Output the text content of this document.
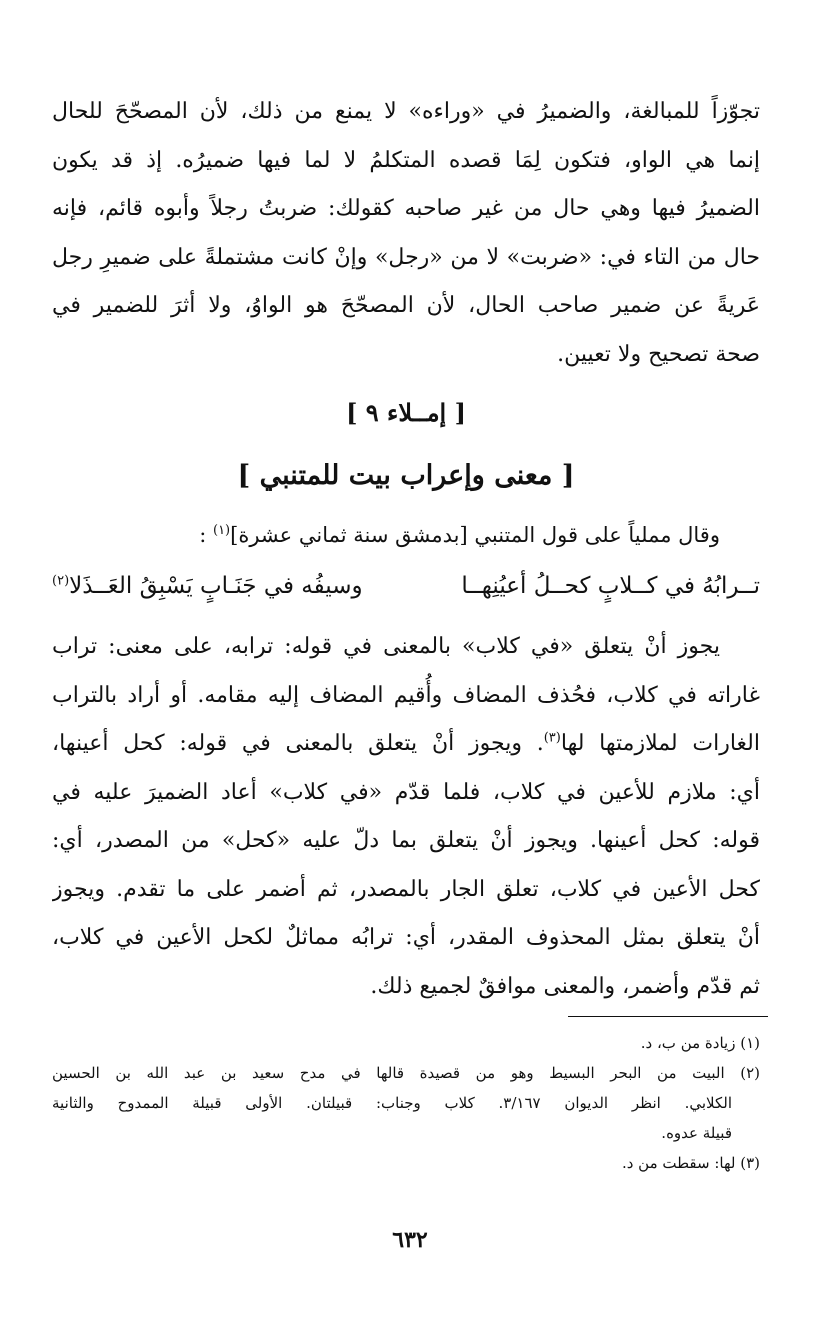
تجوّزاً للمبالغة، والضميرُ في «وراءه» لا يمنع من ذلك، لأن المصحّحَ للحال
إنما هي الواو، فتكون لِمَا قصده المتكلمُ لا لما فيها ضميرُه. إذ قد يكون
الضميرُ فيها وهي حال من غير صاحبه كقولك: ضربتُ رجلاً وأبوه قائم، فإنه
حال من التاء في: «ضربت» لا من «رجل» وإنْ كانت مشتملةً على ضميرِ رجل
عَريةً عن ضمير صاحب الحال، لأن المصحّحَ هو الواوُ، ولا أثرَ للضمير في
صحة تصحيح ولا تعيين.

[ إمــلاء ٩ ]
[ معنى وإعراب بيت للمتنبي ]
وقال مملياً على قول المتنبي [بدمشق سنة ثماني عشرة]$^{(١)}$ :
تــرابُهُ في كــلابٍ كحــلُ أعيُنِهــا
وسيفُه في جَنَـابٍ يَسْبِقُ العَــذَلا$^{(٢)}$

يجوز أنْ يتعلق «في كلاب» بالمعنى في قوله: ترابه، على معنى: تراب
غاراته في كلاب، فحُذف المضاف وأُقيم المضاف إليه مقامه. أو أراد بالتراب
الغارات لملازمتها لها$^{(٣)}$. ويجوز أنْ يتعلق بالمعنى في قوله: كحل أعينها،
أي: ملازم للأعين في كلاب، فلما قدّم «في كلاب» أعاد الضميرَ عليه في
قوله: كحل أعينها. ويجوز أنْ يتعلق بما دلّ عليه «كحل» من المصدر، أي:
كحل الأعين في كلاب، تعلق الجار بالمصدر، ثم أضمر على ما تقدم. ويجوز
أنْ يتعلق بمثل المحذوف المقدر، أي: ترابُه مماثلٌ لكحل الأعين في كلاب،
ثم قدّم وأضمر، والمعنى موافقٌ لجميع ذلك.

(١) زيادة من ب، د.
(٢) البيت من البحر البسيط وهو من قصيدة قالها في مدح سعيد بن عبد الله بن الحسين
الكلابي. انظر الديوان ٣/١٦٧. كلاب وجناب: قبيلتان. الأولى قبيلة الممدوح والثانية
قبيلة عدوه.
(٣) لها: سقطت من د.
٦٣٢
